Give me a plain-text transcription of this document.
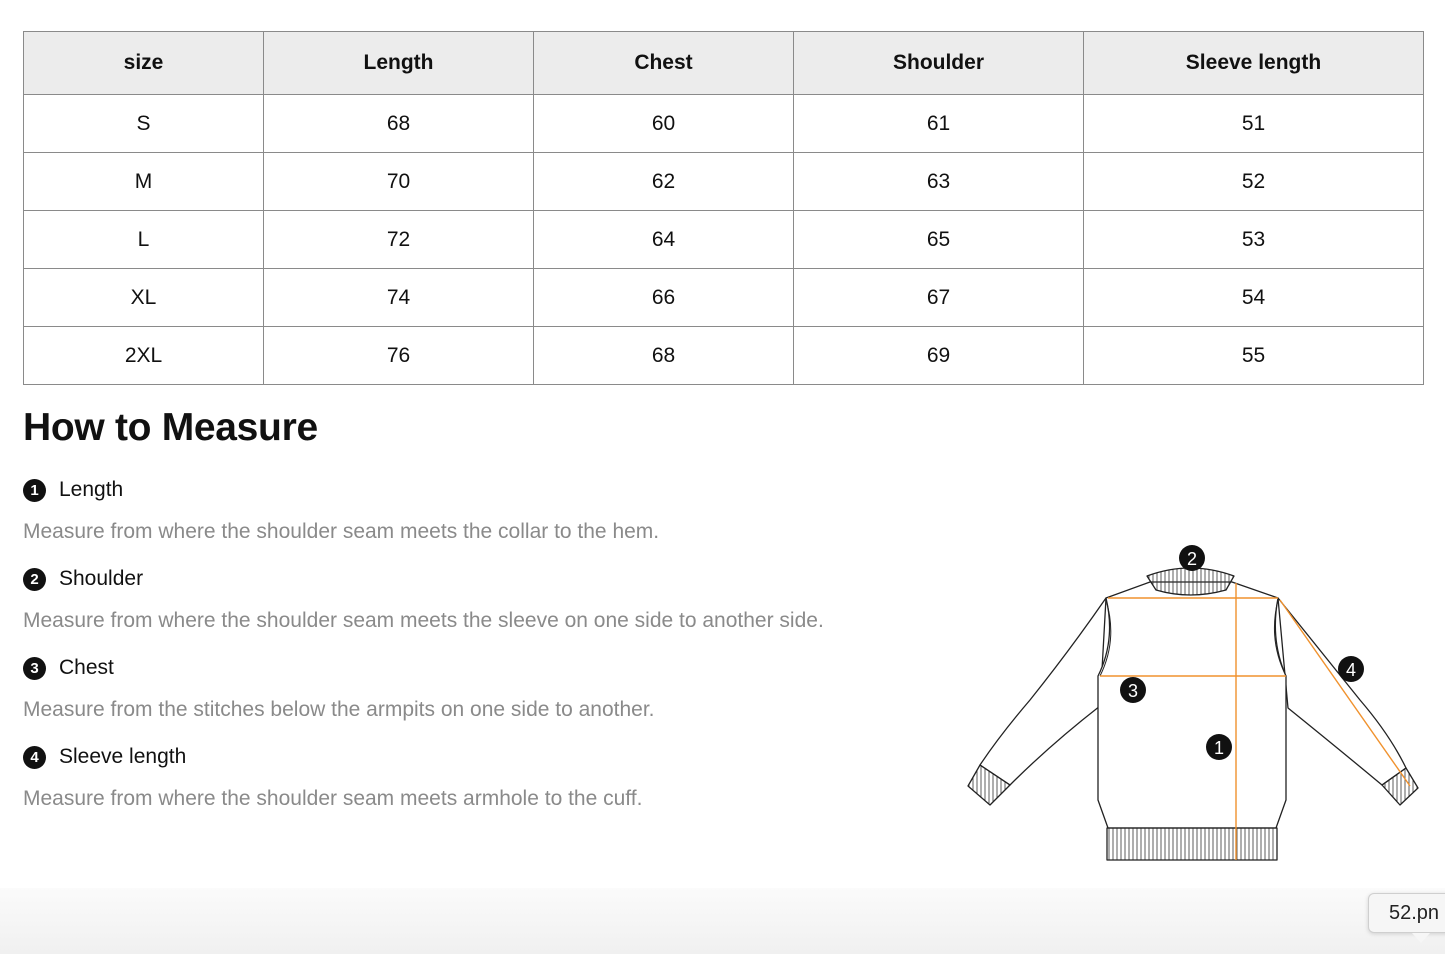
size	Length	Chest	Shoulder	Sleeve length
S	68	60	61	51
M	70	62	63	52
L	72	64	65	53
XL	74	66	67	54
2XL	76	68	69	55
How to Measure
1 Length
Measure from where the shoulder seam meets the collar to the hem.
2 Shoulder
Measure from where the shoulder seam meets the sleeve on one side to another side.
3 Chest
Measure from the stitches below the armpits on one side to another.
4 Sleeve length
Measure from where the shoulder seam meets armhole to the cuff.
2
4
3
1
52.pn
